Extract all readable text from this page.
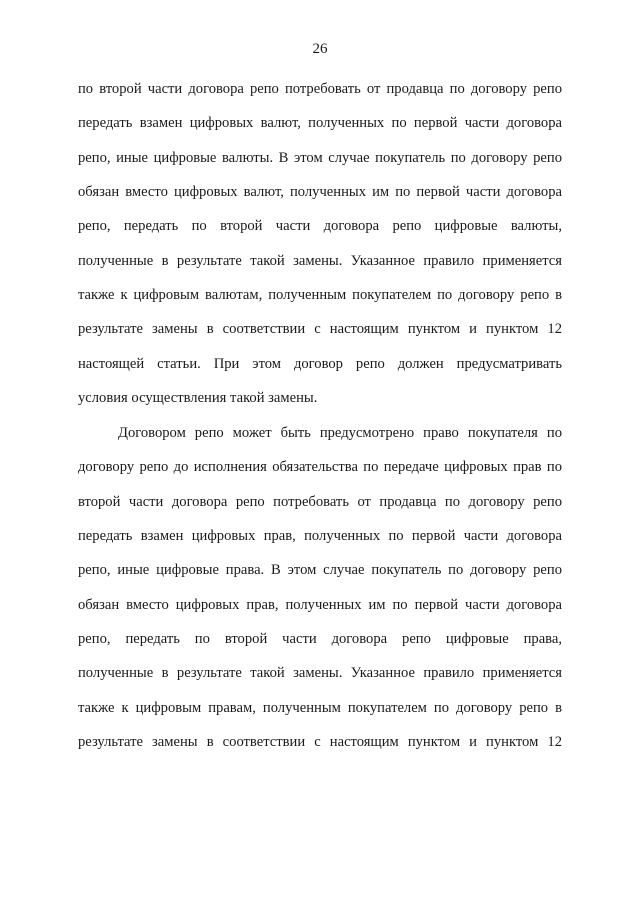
26
по второй части договора репо потребовать от продавца по договору репо
передать взамен цифровых валют, полученных по первой части договора
репо, иные цифровые валюты. В этом случае покупатель по договору репо
обязан вместо цифровых валют, полученных им по первой части договора
репо, передать по второй части договора репо цифровые валюты,
полученные в результате такой замены. Указанное правило применяется
также к цифровым валютам, полученным покупателем по договору репо в
результате замены в соответствии с настоящим пунктом и пунктом 12
настоящей статьи. При этом договор репо должен предусматривать
условия осуществления такой замены.
Договором репо может быть предусмотрено право покупателя по
договору репо до исполнения обязательства по передаче цифровых прав по
второй части договора репо потребовать от продавца по договору репо
передать взамен цифровых прав, полученных по первой части договора
репо, иные цифровые права. В этом случае покупатель по договору репо
обязан вместо цифровых прав, полученных им по первой части договора
репо, передать по второй части договора репо цифровые права,
полученные в результате такой замены. Указанное правило применяется
также к цифровым правам, полученным покупателем по договору репо в
результате замены в соответствии с настоящим пунктом и пунктом 12
